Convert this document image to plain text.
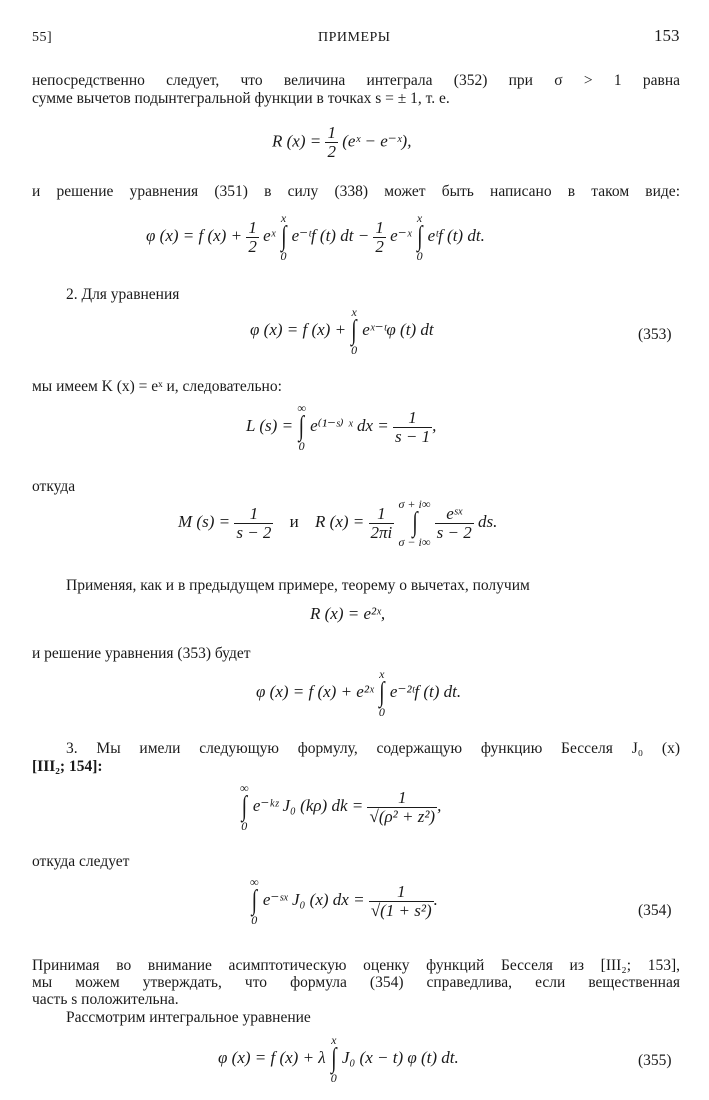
55]	ПРИМЕРЫ	153
непосредственно следует, что величина интеграла (352) при σ > 1 равна
сумме вычетов подынтегральной функции в точках s = ± 1, т. е.
R $(x) = \frac{1}{2}$ (eˣ − e⁻ˣ),
и решение уравнения (351) в силу (338) может быть написано в таком виде:
φ (x) = f $(x) + \frac{1}{2}$ eˣ
x
∫
0
e⁻ᵗf (t) dt − $\frac{1}{2}$ e⁻ˣ
x
∫
0
eᵗf (t) dt.
2. Для уравнения
φ (x) = f (x) +
x
∫
0
eˣ⁻ᵗφ (t) dt	(353)
мы имеем K (x) = eˣ и, следовательно:
L (s) =
∞
∫
0
e⁽¹⁻ˢ⁾ ˣ dx = $\frac{1}{s - 1}$ ,
откуда
M $(s) = \frac{1}{s - 2}$ и R $(x) = \frac{1}{2\pi i}$

σ + i∞
∫
σ − i∞

$\frac{\text{eˢˣ}}{s - 2}$ ds.
Применяя, как и в предыдущем примере, теорему о вычетах, получим
R (x) = e²ˣ,
и решение уравнения (353) будет
φ (x) = f (x) + e²ˣ
x
∫
0
e⁻²ᵗf (t) dt.
3. Мы имели следующую формулу, содержащую функцию Бесселя J₀ (x)
[III₂; 154]:
∞
∫
0
e⁻ᵏᶻ J₀ (kρ) dk = $\frac{1}{\text{√(ρ² + z²)}}$ ,
откуда следует
∞
∫
0
e⁻ˢˣ J₀ (x) dx = $\frac{1}{\text{√(1 + s²)}}$ .
(354)
Принимая во внимание асимптотическую оценку функций Бесселя из [III₂; 153],
мы можем утверждать, что формула (354) справедлива, если вещественная
часть s положительна.
Рассмотрим интегральное уравнение
φ (x) = f (x) + λ
x
∫
0
J₀ (x − t) φ (t) dt.	(355)
